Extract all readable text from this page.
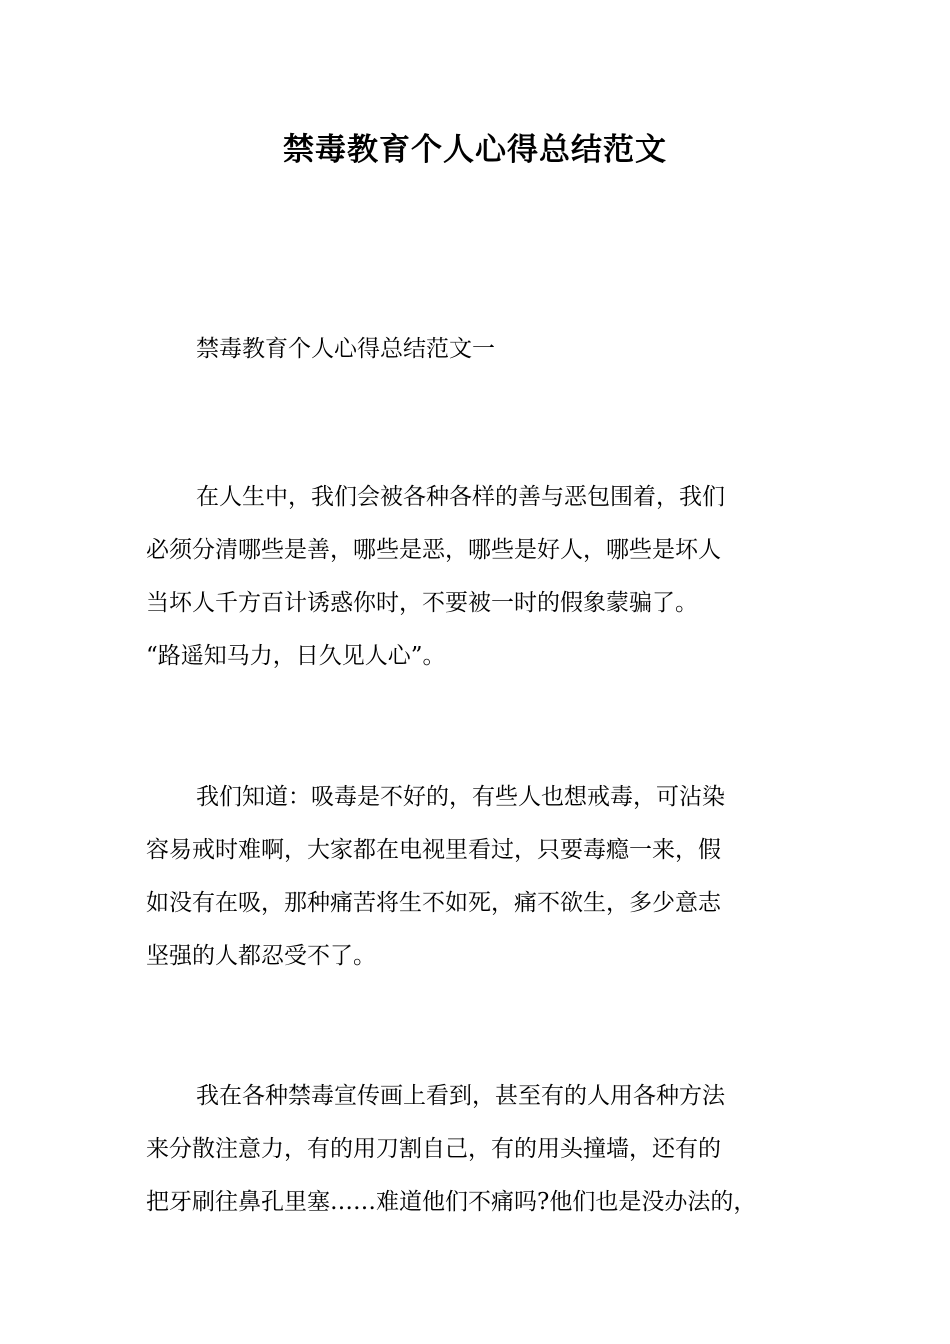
禁毒教育个人心得总结范文

禁毒教育个人心得总结范文一

在人生中，我们会被各种各样的善与恶包围着，我们
必须分清哪些是善，哪些是恶，哪些是好人，哪些是坏人
当坏人千方百计诱惑你时，不要被一时的假象蒙骗了。
“路遥知马力，日久见人心”。
我们知道：吸毒是不好的，有些人也想戒毒，可沾染
容易戒时难啊，大家都在电视里看过，只要毒瘾一来，假
如没有在吸，那种痛苦将生不如死，痛不欲生，多少意志
坚强的人都忍受不了。
我在各种禁毒宣传画上看到，甚至有的人用各种方法
来分散注意力，有的用刀割自己，有的用头撞墙，还有的
把牙刷往鼻孔里塞……难道他们不痛吗?他们也是没办法的，
